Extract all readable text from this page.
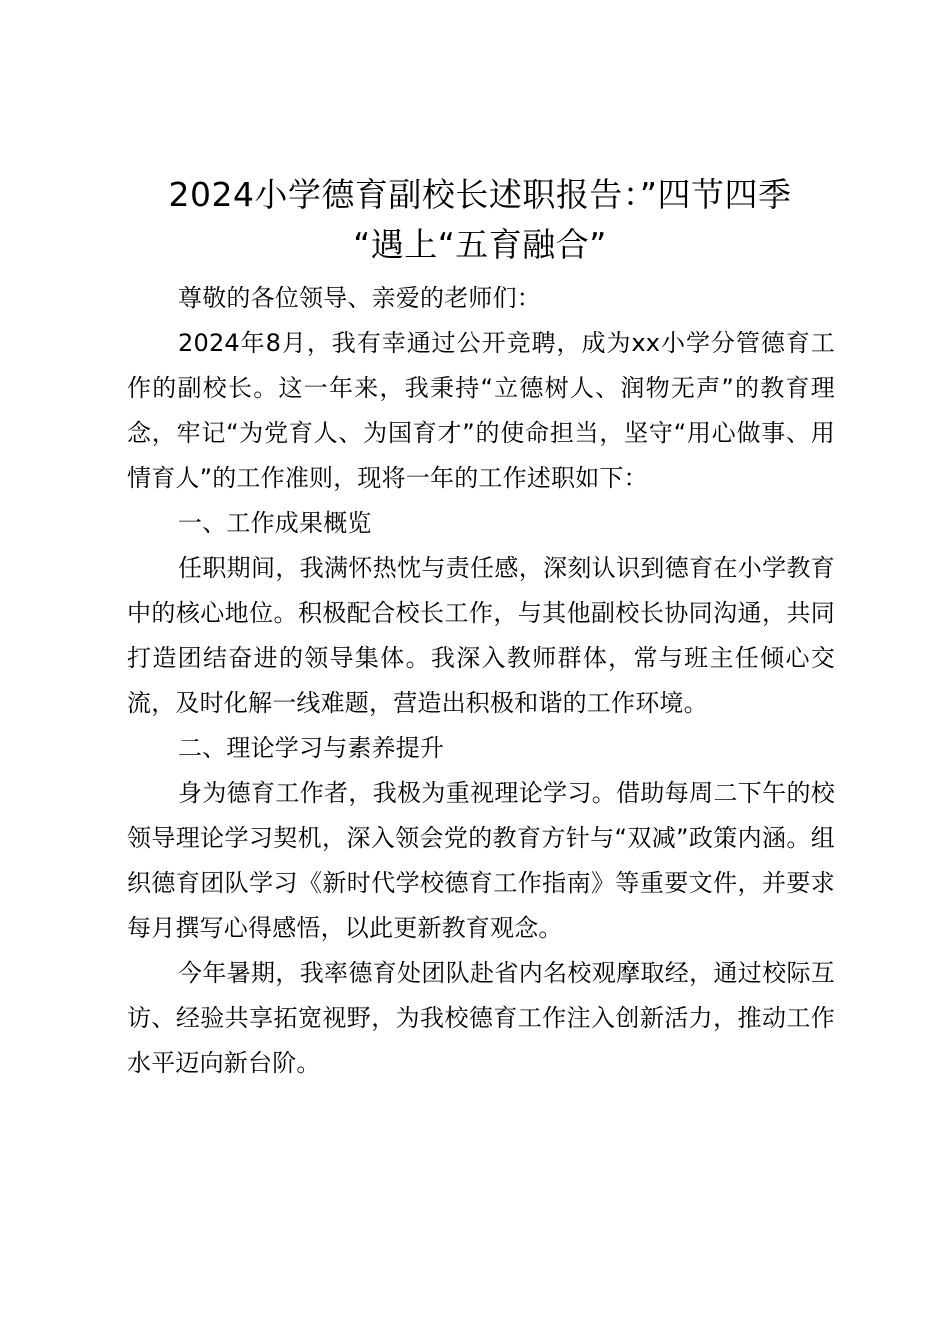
2024小学德育副校长述职报告：”四节四季
“遇上“五育融合”

尊敬的各位领导、亲爱的老师们：

2024年8月，我有幸通过公开竞聘，成为xx小学分管德育工作的副校长。这一年来，我秉持“立德树人、润物无声”的教育理念，牢记“为党育人、为国育才”的使命担当，坚守“用心做事、用情育人”的工作准则，现将一年的工作述职如下：

一、工作成果概览

任职期间，我满怀热忱与责任感，深刻认识到德育在小学教育中的核心地位。积极配合校长工作，与其他副校长协同沟通，共同打造团结奋进的领导集体。我深入教师群体，常与班主任倾心交流，及时化解一线难题，营造出积极和谐的工作环境。

二、理论学习与素养提升

身为德育工作者，我极为重视理论学习。借助每周二下午的校领导理论学习契机，深入领会党的教育方针与“双减”政策内涵。组织德育团队学习《新时代学校德育工作指南》等重要文件，并要求每月撰写心得感悟，以此更新教育观念。

今年暑期，我率德育处团队赴省内名校观摩取经，通过校际互访、经验共享拓宽视野，为我校德育工作注入创新活力，推动工作水平迈向新台阶。
